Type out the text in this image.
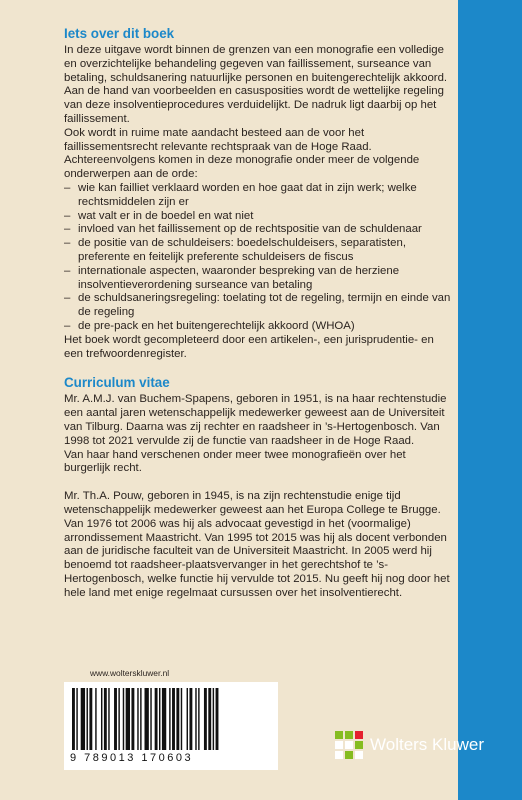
Iets over dit boek

In deze uitgave wordt binnen de grenzen van een monografie een volledige en overzichtelijke behandeling gegeven van faillissement, surseance van betaling, schuldsanering natuurlijke personen en buitengerechtelijk akkoord.

Aan de hand van voorbeelden en casusposities wordt de wettelijke regeling van deze insolventieprocedures verduidelijkt. De nadruk ligt daarbij op het faillissement.

Ook wordt in ruime mate aandacht besteed aan de voor het faillissementsrecht relevante rechtspraak van de Hoge Raad.

Achtereenvolgens komen in deze monografie onder meer de volgende onderwerpen aan de orde:

– wie kan failliet verklaard worden en hoe gaat dat in zijn werk; welke rechtsmiddelen zijn er
– wat valt er in de boedel en wat niet
– invloed van het faillissement op de rechtspositie van de schuldenaar
– de positie van de schuldeisers: boedelschuldeisers, separatisten, preferente en feitelijk preferente schuldeisers de fiscus
– internationale aspecten, waaronder bespreking van de herziene insolventieverordening surseance van betaling
– de schuldsaneringsregeling: toelating tot de regeling, termijn en einde van de regeling
– de pre-pack en het buitengerechtelijk akkoord (WHOA)

Het boek wordt gecompleteerd door een artikelen-, een jurisprudentie- en een trefwoordenregister.

Curriculum vitae

Mr. A.M.J. van Buchem-Spapens, geboren in 1951, is na haar rechtenstudie een aantal jaren wetenschappelijk medewerker geweest aan de Universiteit van Tilburg. Daarna was zij rechter en raadsheer in ’s-Hertogenbosch. Van 1998 tot 2021 vervulde zij de functie van raadsheer in de Hoge Raad.

Van haar hand verschenen onder meer twee monografieën over het burgerlijk recht.

Mr. Th.A. Pouw, geboren in 1945, is na zijn rechtenstudie enige tijd wetenschappelijk medewerker geweest aan het Europa College te Brugge. Van 1976 tot 2006 was hij als advocaat gevestigd in het (voormalige) arrondissement Maastricht. Van 1995 tot 2015 was hij als docent verbonden aan de juridische faculteit van de Universiteit Maastricht. In 2005 werd hij benoemd tot raadsheer-plaatsvervanger in het gerechtshof te ’s-Hertogenbosch, welke functie hij vervulde tot 2015. Nu geeft hij nog door het hele land met enige regelmaat cursussen over het insolventierecht.

www.wolterskluwer.nl
9 789013 170603
Wolters Kluwer
